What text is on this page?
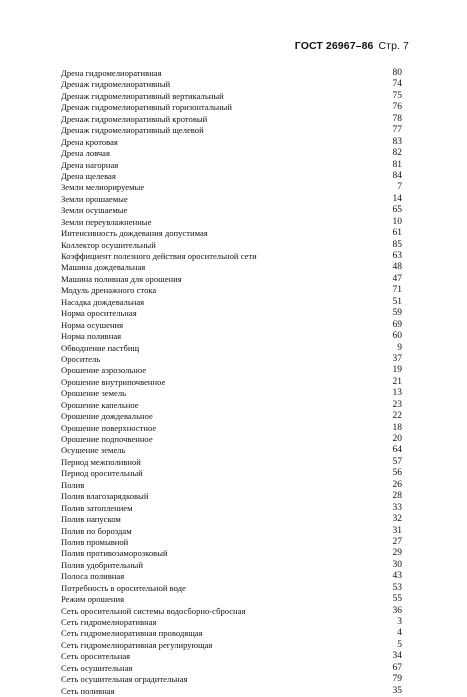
ГОСТ 26967–86 Стр. 7
Дрена гидромелиоративная	80
Дренаж гидромелиоративный	74
Дренаж гидромелиоративный вертикальный	75
Дренаж гидромелиоративный горизонтальный	76
Дренаж гидромелиоративный кротовый	78
Дренаж гидромелиоративный щелевой	77
Дрена кротовая	83
Дрена ловчая	82
Дрена нагорная	81
Дрена щелевая	84
Земли мелиорируемые	7
Земли орошаемые	14
Земли осушаемые	65
Земли переувлажненные	10
Интенсивность дождевания допустимая	61
Коллектор осушительный	85
Коэффициент полезного действия оросительной сети	63
Машина дождевальная	48
Машина поливная для орошения	47
Модуль дренажного стока	71
Насадка дождевальная	51
Норма оросительная	59
Норма осушения	69
Норма поливная	60
Обводнение пастбищ	9
Ороситель	37
Орошение аэрозольное	19
Орошение внутрипочвенное	21
Орошение земель	13
Орошение капельное	23
Орошение дождевальное	22
Орошение поверхностное	18
Орошение подпочвенное	20
Осушение земель	64
Период межполивной	57
Период оросительный	56
Полив	26
Полив влагозарядковый	28
Полив затоплением	33
Полив напуском	32
Полив по бороздам	31
Полив промывной	27
Полив противозаморозковый	29
Полив удобрительный	30
Полоса поливная	43
Потребность в оросительной воде	53
Режим орошения	55
Сеть оросительной системы водосборно-сбросная	36
Сеть гидромелиоративная	3
Сеть гидромелиоративная проводящая	4
Сеть гидромелиоративная регулирующая	5
Сеть оросительная	34
Сеть осушительная	67
Сеть осушительная оградительная	79
Сеть поливная	35
